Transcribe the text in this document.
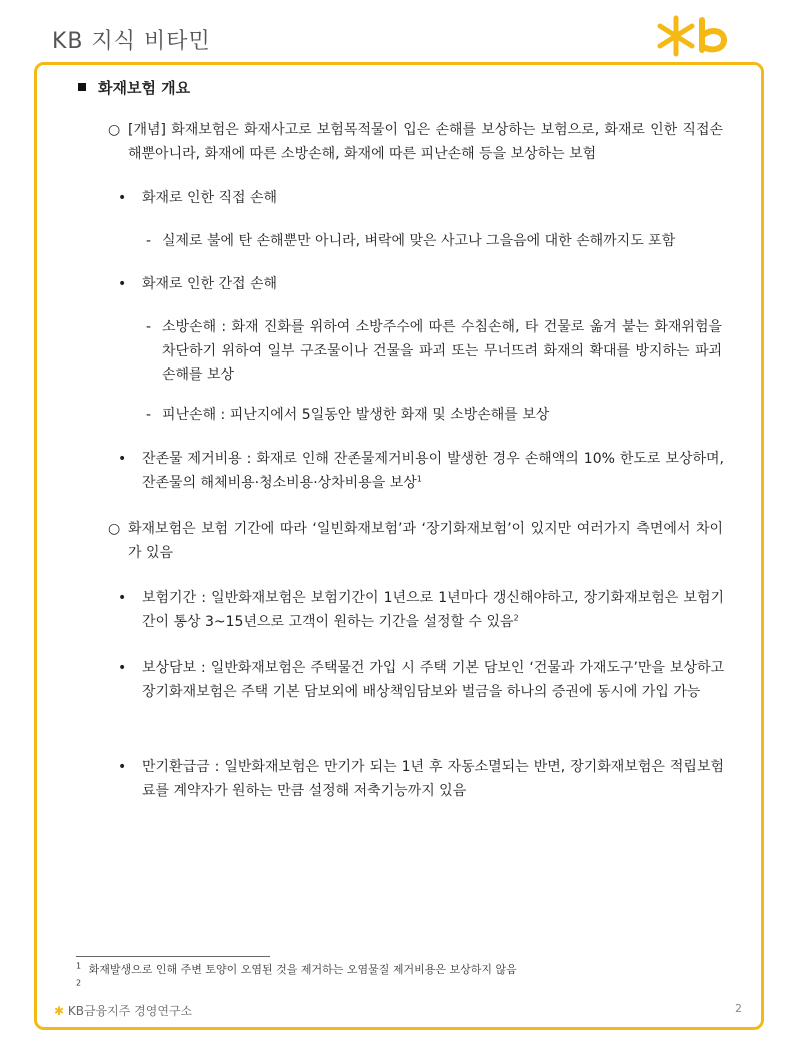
KB 지식 비타민
화재보험 개요
○ [개념] 화재보험은 화재사고로 보험목적물이 입은 손해를 보상하는 보험으로, 화재로 인한 직접손해뿐아니라, 화재에 따른 소방손해, 화재에 따른 피난손해 등을 보상하는 보험
• 화재로 인한 직접 손해
- 실제로 불에 탄 손해뿐만 아니라, 벼락에 맞은 사고나 그을음에 대한 손해까지도 포함
• 화재로 인한 간접 손해
- 소방손해 : 화재 진화를 위하여 소방주수에 따른 수침손해, 타 건물로 옮겨 붙는 화재위험을 차단하기 위하여 일부 구조물이나 건물을 파괴 또는 무너뜨려 화재의 확대를 방지하는 파괴손해를 보상
- 피난손해 : 피난지에서 5일동안 발생한 화재 및 소방손해를 보상
• 잔존물 제거비용 : 화재로 인해 잔존물제거비용이 발생한 경우 손해액의 10% 한도로 보상하며, 잔존물의 해체비용·청소비용·상차비용을 보상$^1$
○ 화재보험은 보험 기간에 따라 ‘일빈화재보험’과 ‘장기화재보험’이 있지만 여러가지 측면에서 차이가 있음
• 보험기간 : 일반화재보험은 보험기간이 1년으로 1년마다 갱신해야하고, 장기화재보험은 보험기간이 통상 3~15년으로 고객이 원하는 기간을 설정할 수 있음$^2$
• 보상담보 : 일반화재보험은 주택물건 가입 시 주택 기본 담보인 ‘건물과 가재도구’만을 보상하고 장기화재보험은 주택 기본 담보외에 배상책임담보와 벌금을 하나의 증권에 동시에 가입 가능
• 만기환급금 : 일반화재보험은 만기가 되는 1년 후 자동소멸되는 반면, 장기화재보험은 적립보험료를 계약자가 원하는 만큼 설정해 저축기능까지 있음
$^1$ 화재발생으로 인해 주변 토양이 오염된 것을 제거하는 오염물질 제거비용은 보상하지 않음
$^2$
✱ KB금융지주 경영연구소	2
